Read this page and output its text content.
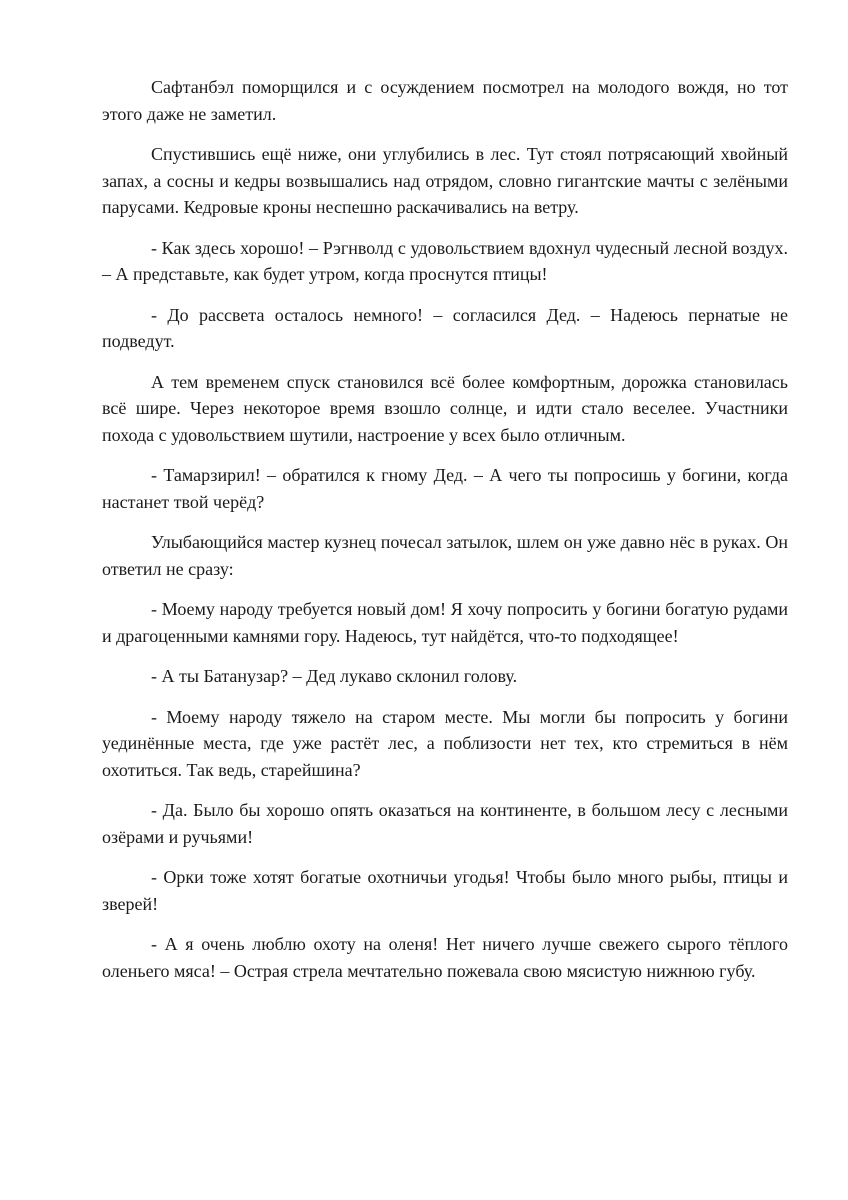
Сафтанбэл поморщился и с осуждением посмотрел на молодого вождя, но тот этого даже не заметил.

Спустившись ещё ниже, они углубились в лес. Тут стоял потрясающий хвойный запах, а сосны и кедры возвышались над отрядом, словно гигантские мачты с зелёными парусами. Кедровые кроны неспешно раскачивались на ветру.

- Как здесь хорошо! – Рэгнволд с удовольствием вдохнул чудесный лесной воздух. – А представьте, как будет утром, когда проснутся птицы!

- До рассвета осталось немного! – согласился Дед. – Надеюсь пернатые не подведут.

А тем временем спуск становился всё более комфортным, дорожка становилась всё шире. Через некоторое время взошло солнце, и идти стало веселее. Участники похода с удовольствием шутили, настроение у всех было отличным.

- Тамарзирил! – обратился к гному Дед. – А чего ты попросишь у богини, когда настанет твой черёд?

Улыбающийся мастер кузнец почесал затылок, шлем он уже давно нёс в руках. Он ответил не сразу:

- Моему народу требуется новый дом! Я хочу попросить у богини богатую рудами и драгоценными камнями гору. Надеюсь, тут найдётся, что-то подходящее!

- А ты Батанузар? – Дед лукаво склонил голову.

- Моему народу тяжело на старом месте. Мы могли бы попросить у богини уединённые места, где уже растёт лес, а поблизости нет тех, кто стремиться в нём охотиться. Так ведь, старейшина?

- Да. Было бы хорошо опять оказаться на континенте, в большом лесу с лесными озёрами и ручьями!

- Орки тоже хотят богатые охотничьи угодья! Чтобы было много рыбы, птицы и зверей!

- А я очень люблю охоту на оленя! Нет ничего лучше свежего сырого тёплого оленьего мяса! – Острая стрела мечтательно пожевала свою мясистую нижнюю губу.
